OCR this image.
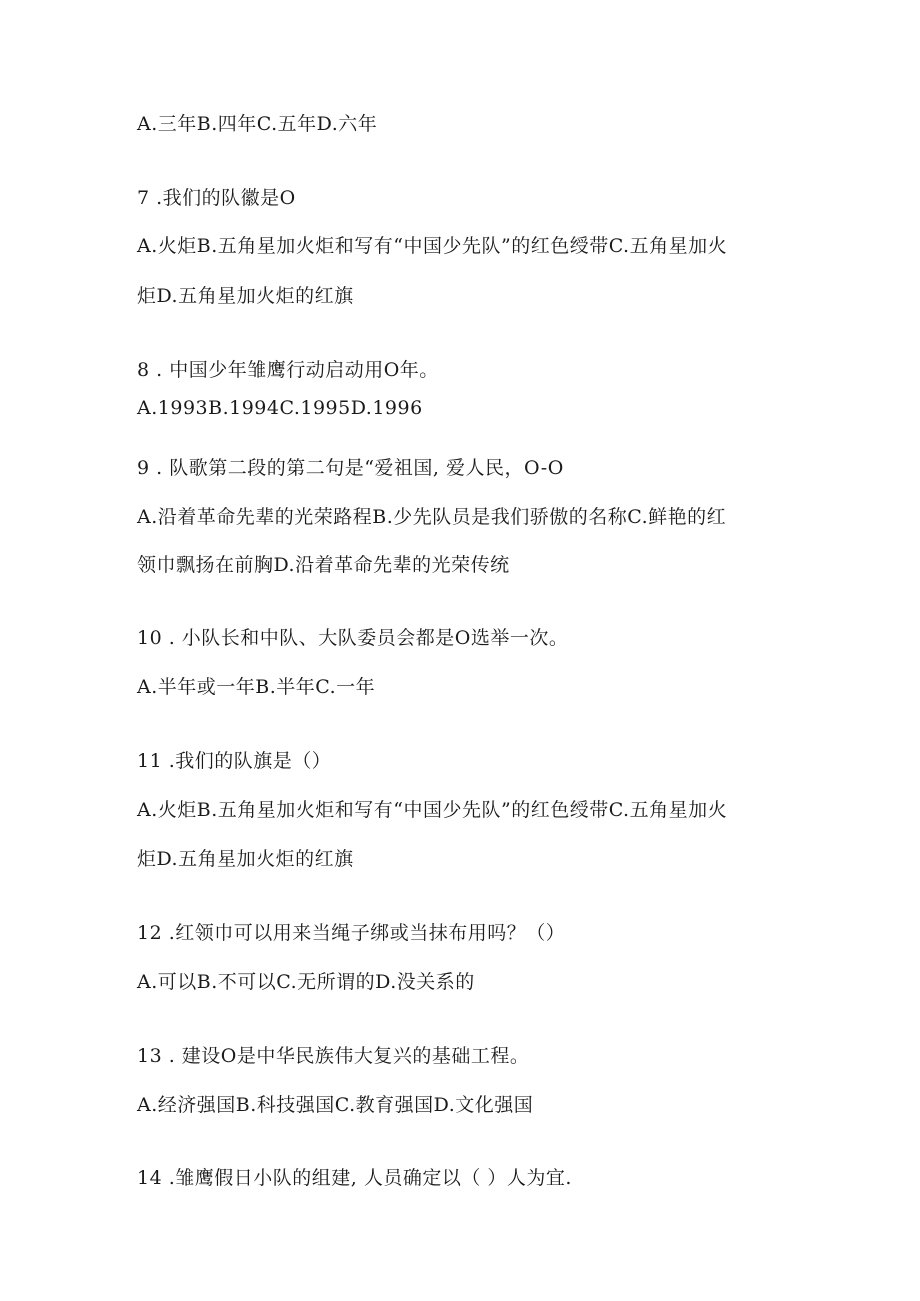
A.三年B.四年C.五年D.六年
7 .我们的队徽是O
A.火炬B.五角星加火炬和写有“中国少先队”的红色绶带C.五角星加火
炬D.五角星加火炬的红旗
8 . 中国少年雏鹰行动启动用O年。
A.1993B.1994C.1995D.1996
9 . 队歌第二段的第二句是“爱祖国, 爱人民，O-O
A.沿着革命先辈的光荣路程B.少先队员是我们骄傲的名称C.鲜艳的红
领巾飘扬在前胸D.沿着革命先辈的光荣传统
10 . 小队长和中队、大队委员会都是O选举一次。
A.半年或一年B.半年C.一年
11 .我们的队旗是（）
A.火炬B.五角星加火炬和写有“中国少先队”的红色绶带C.五角星加火
炬D.五角星加火炬的红旗
12 .红领巾可以用来当绳子绑或当抹布用吗？（）
A.可以B.不可以C.无所谓的D.没关系的
13 . 建设O是中华民族伟大复兴的基础工程。
A.经济强国B.科技强国C.教育强国D.文化强国
14 .雏鹰假日小队的组建, 人员确定以（ ）人为宜.
